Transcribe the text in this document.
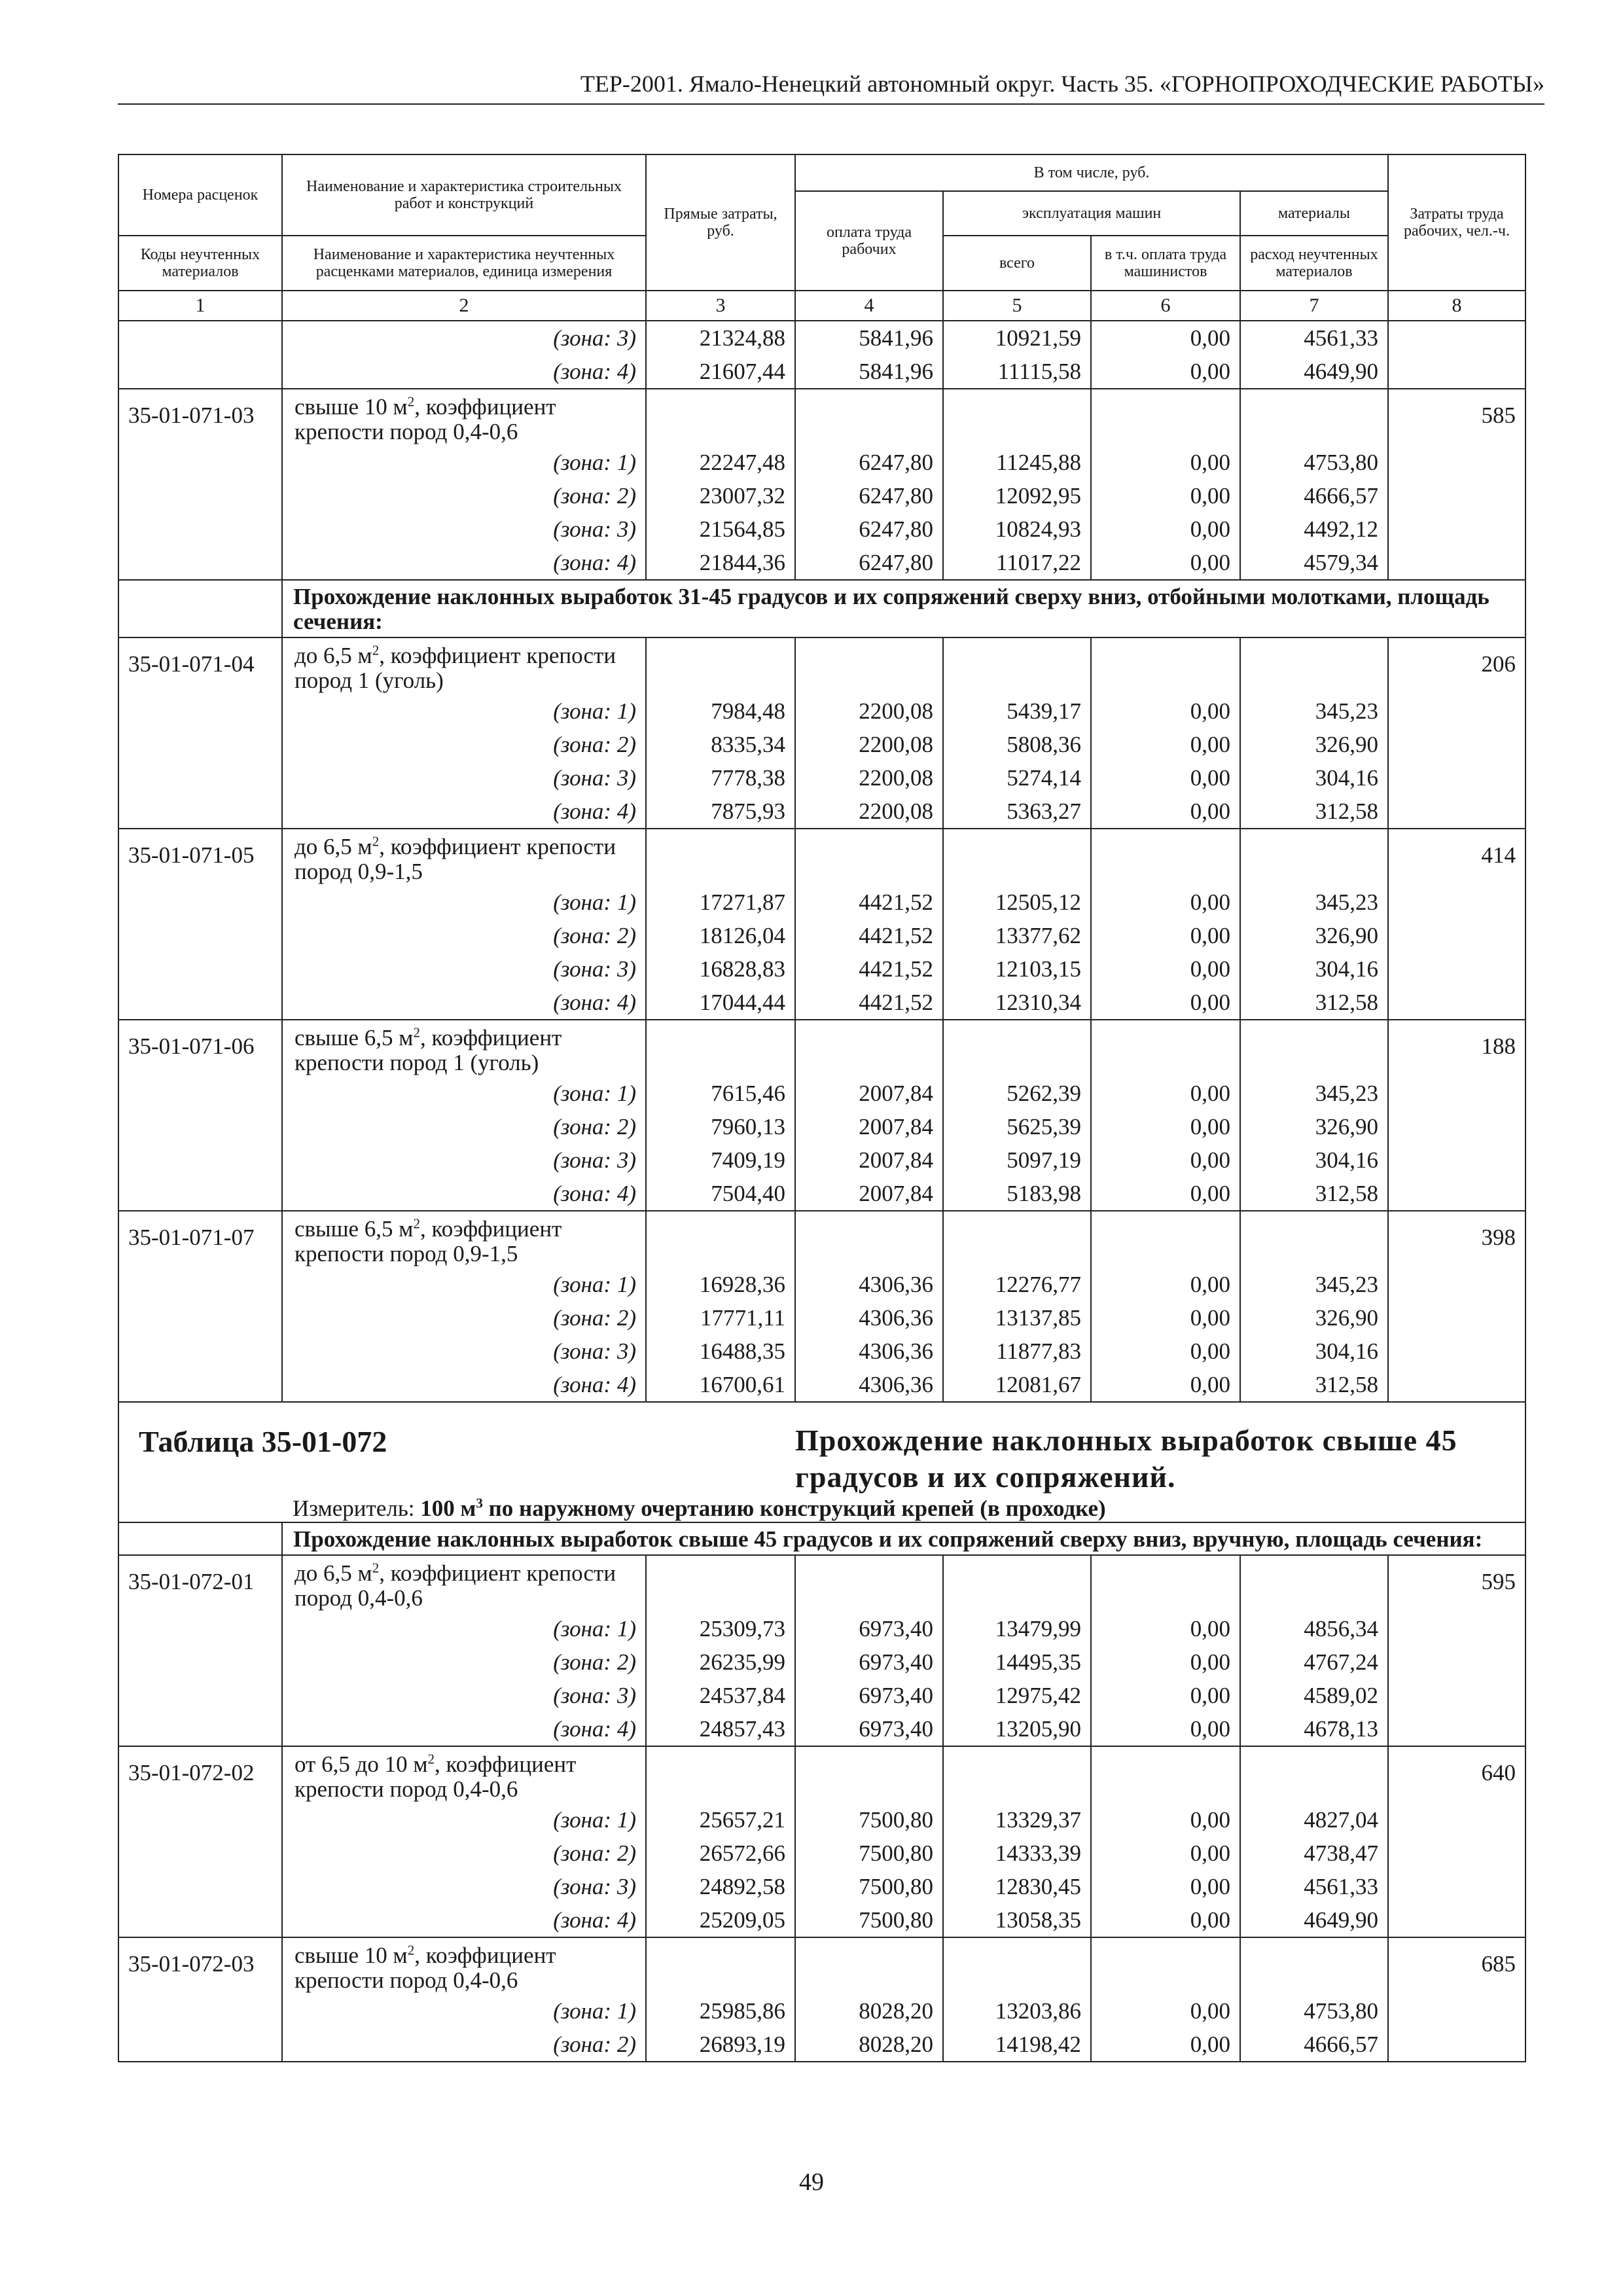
ТЕР-2001. Ямало-Ненецкий автономный округ. Часть 35. «ГОРНОПРОХОДЧЕСКИЕ РАБОТЫ»
Номера расценок	Наименование и характеристика строительных работ и конструкций	Прямые затраты, руб.	В том числе, руб.				Затраты труда рабочих, чел.-ч.
			оплата труда рабочих	эксплуатация машин		материалы	
Коды неучтенных материалов	Наименование и характеристика неучтенных расценками материалов, единица измерения			всего	в т.ч. оплата труда машинистов	расход неучтенных материалов	
1	2	3	4	5	6	7	8
	(зона: 3)	21324,88	5841,96	10921,59	0,00	4561,33	
	(зона: 4)	21607,44	5841,96	11115,58	0,00	4649,90	
35-01-071-03	свыше 10 $м^2$, коэффициент крепости пород 0,4-0,6						585
	(зона: 1)	22247,48	6247,80	11245,88	0,00	4753,80	
	(зона: 2)	23007,32	6247,80	12092,95	0,00	4666,57	
	(зона: 3)	21564,85	6247,80	10824,93	0,00	4492,12	
	(зона: 4)	21844,36	6247,80	11017,22	0,00	4579,34	
	Прохождение наклонных выработок 31-45 градусов и их сопряжений сверху вниз, отбойными молотками, площадь сечения:						
35-01-071-04	до 6,5 $м^2$, коэффициент крепости пород 1 (уголь)						206
	(зона: 1)	7984,48	2200,08	5439,17	0,00	345,23	
	(зона: 2)	8335,34	2200,08	5808,36	0,00	326,90	
	(зона: 3)	7778,38	2200,08	5274,14	0,00	304,16	
	(зона: 4)	7875,93	2200,08	5363,27	0,00	312,58	
35-01-071-05	до 6,5 $м^2$, коэффициент крепости пород 0,9-1,5						414
	(зона: 1)	17271,87	4421,52	12505,12	0,00	345,23	
	(зона: 2)	18126,04	4421,52	13377,62	0,00	326,90	
	(зона: 3)	16828,83	4421,52	12103,15	0,00	304,16	
	(зона: 4)	17044,44	4421,52	12310,34	0,00	312,58	
35-01-071-06	свыше 6,5 $м^2$, коэффициент крепости пород 1 (уголь)						188
	(зона: 1)	7615,46	2007,84	5262,39	0,00	345,23	
	(зона: 2)	7960,13	2007,84	5625,39	0,00	326,90	
	(зона: 3)	7409,19	2007,84	5097,19	0,00	304,16	
	(зона: 4)	7504,40	2007,84	5183,98	0,00	312,58	
35-01-071-07	свыше 6,5 $м^2$, коэффициент крепости пород 0,9-1,5						398
	(зона: 1)	16928,36	4306,36	12276,77	0,00	345,23	
	(зона: 2)	17771,11	4306,36	13137,85	0,00	326,90	
	(зона: 3)	16488,35	4306,36	11877,83	0,00	304,16	
	(зона: 4)	16700,61	4306,36	12081,67	0,00	312,58	
Таблица 35-01-072			Прохождение наклонных выработок свыше 45 градусов и их сопряжений.				
	Измеритель: 100 $м^3$ по наружному очертанию конструкций крепей (в проходке)						
	Прохождение наклонных выработок свыше 45 градусов и их сопряжений сверху вниз, вручную, площадь сечения:						
35-01-072-01	до 6,5 $м^2$, коэффициент крепости пород 0,4-0,6						595
	(зона: 1)	25309,73	6973,40	13479,99	0,00	4856,34	
	(зона: 2)	26235,99	6973,40	14495,35	0,00	4767,24	
	(зона: 3)	24537,84	6973,40	12975,42	0,00	4589,02	
	(зона: 4)	24857,43	6973,40	13205,90	0,00	4678,13	
35-01-072-02	от 6,5 до 10 $м^2$, коэффициент крепости пород 0,4-0,6						640
	(зона: 1)	25657,21	7500,80	13329,37	0,00	4827,04	
	(зона: 2)	26572,66	7500,80	14333,39	0,00	4738,47	
	(зона: 3)	24892,58	7500,80	12830,45	0,00	4561,33	
	(зона: 4)	25209,05	7500,80	13058,35	0,00	4649,90	
35-01-072-03	свыше 10 $м^2$, коэффициент крепости пород 0,4-0,6						685
	(зона: 1)	25985,86	8028,20	13203,86	0,00	4753,80	
	(зона: 2)	26893,19	8028,20	14198,42	0,00	4666,57	
49
